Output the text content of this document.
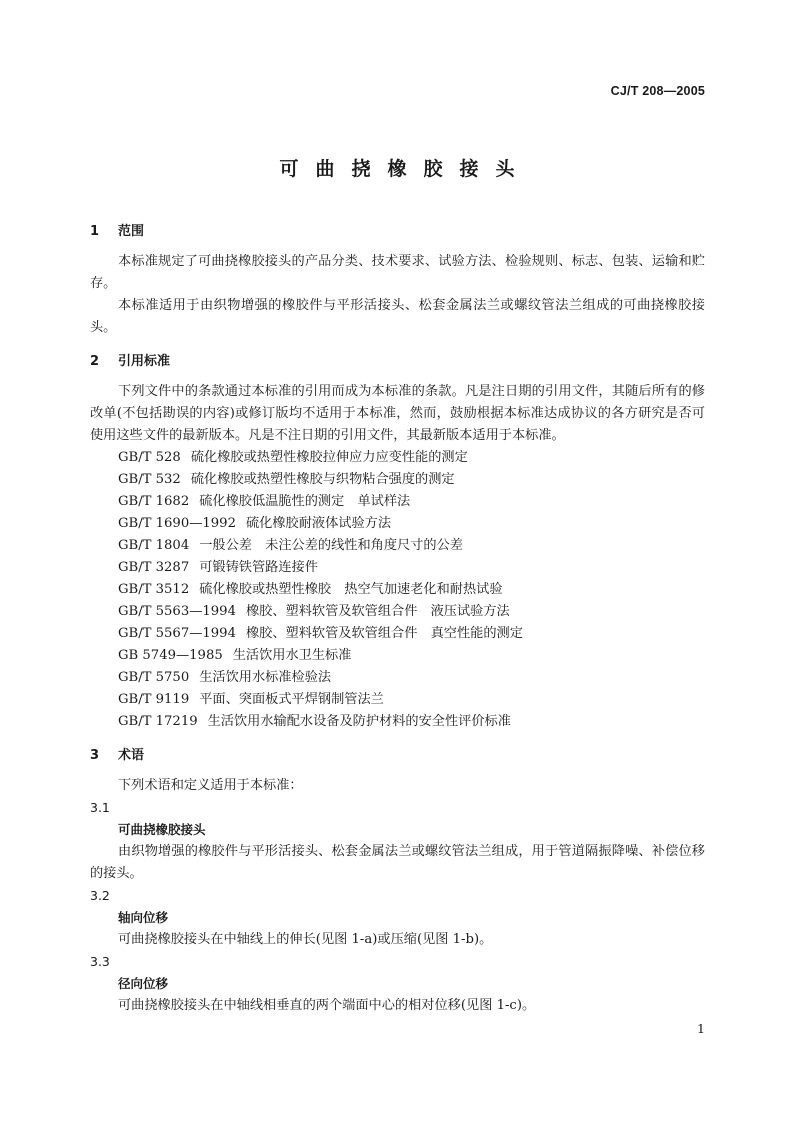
CJ/T 208—2005
可曲挠橡胶接头
1 范围

本标准规定了可曲挠橡胶接头的产品分类、技术要求、试验方法、检验规则、标志、包装、运输和贮存。

本标准适用于由织物增强的橡胶件与平形活接头、松套金属法兰或螺纹管法兰组成的可曲挠橡胶接头。

2 引用标准

下列文件中的条款通过本标准的引用而成为本标准的条款。凡是注日期的引用文件，其随后所有的修改单(不包括勘误的内容)或修订版均不适用于本标准，然而，鼓励根据本标准达成协议的各方研究是否可使用这些文件的最新版本。凡是不注日期的引用文件，其最新版本适用于本标准。

GB/T 528 硫化橡胶或热塑性橡胶拉伸应力应变性能的测定

GB/T 532 硫化橡胶或热塑性橡胶与织物粘合强度的测定

GB/T 1682 硫化橡胶低温脆性的测定　单试样法

GB/T 1690—1992 硫化橡胶耐液体试验方法

GB/T 1804 一般公差　未注公差的线性和角度尺寸的公差

GB/T 3287 可锻铸铁管路连接件

GB/T 3512 硫化橡胶或热塑性橡胶　热空气加速老化和耐热试验

GB/T 5563—1994 橡胶、塑料软管及软管组合件　液压试验方法

GB/T 5567—1994 橡胶、塑料软管及软管组合件　真空性能的测定

GB 5749—1985 生活饮用水卫生标准

GB/T 5750 生活饮用水标准检验法

GB/T 9119 平面、突面板式平焊钢制管法兰

GB/T 17219 生活饮用水输配水设备及防护材料的安全性评价标准

3 术语

下列术语和定义适用于本标准：

3.1

可曲挠橡胶接头

由织物增强的橡胶件与平形活接头、松套金属法兰或螺纹管法兰组成，用于管道隔振降噪、补偿位移的接头。

3.2

轴向位移

可曲挠橡胶接头在中轴线上的伸长(见图 1-a)或压缩(见图 1-b)。

3.3

径向位移

可曲挠橡胶接头在中轴线相垂直的两个端面中心的相对位移(见图 1-c)。

1
